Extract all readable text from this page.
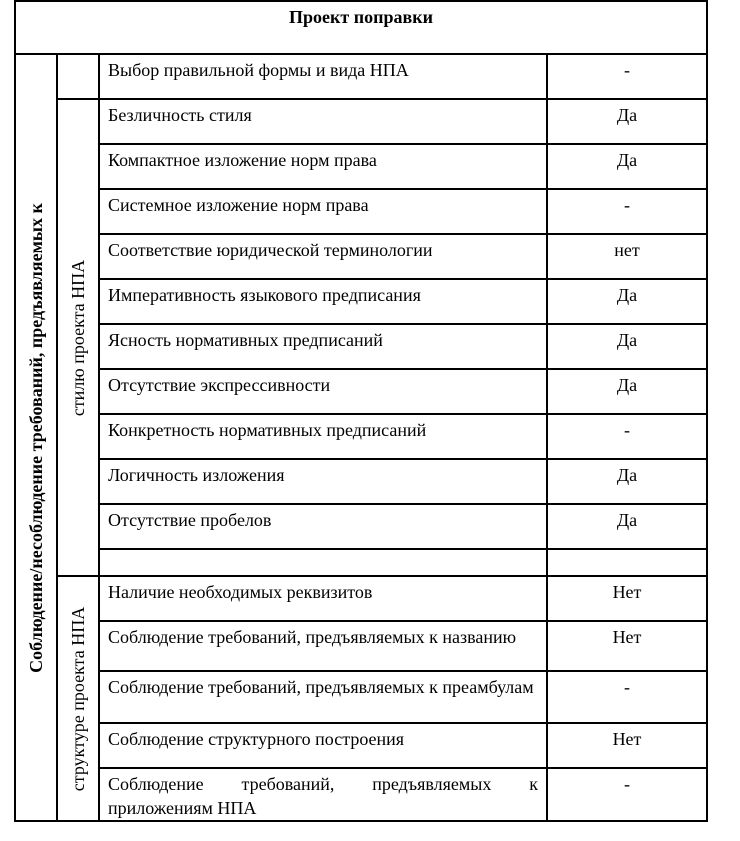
Проект поправки			

Соблюдение/несоблюдение требований, предъявляемых к		Выбор правильной формы и вида НПА	-

	стилю проекта НПА	Безличность стиля	Да
		Компактное изложение норм права	Да
		Системное изложение норм права	-
		Соответствие юридической терминологии	нет
		Императивность языкового предписания	Да
		Ясность нормативных предписаний	Да
		Отсутствие экспрессивности	Да
		Конкретность нормативных предписаний	-
		Логичность изложения	Да
		Отсутствие пробелов	Да

	структуре проекта НПА	Наличие необходимых реквизитов	Нет
		Соблюдение требований, предъявляемых к названию	Нет
		Соблюдение требований, предъявляемых к преамбулам	-
		Соблюдение структурного построения	Нет
		Соблюдение требований, предъявляемых к приложениям НПА	-
